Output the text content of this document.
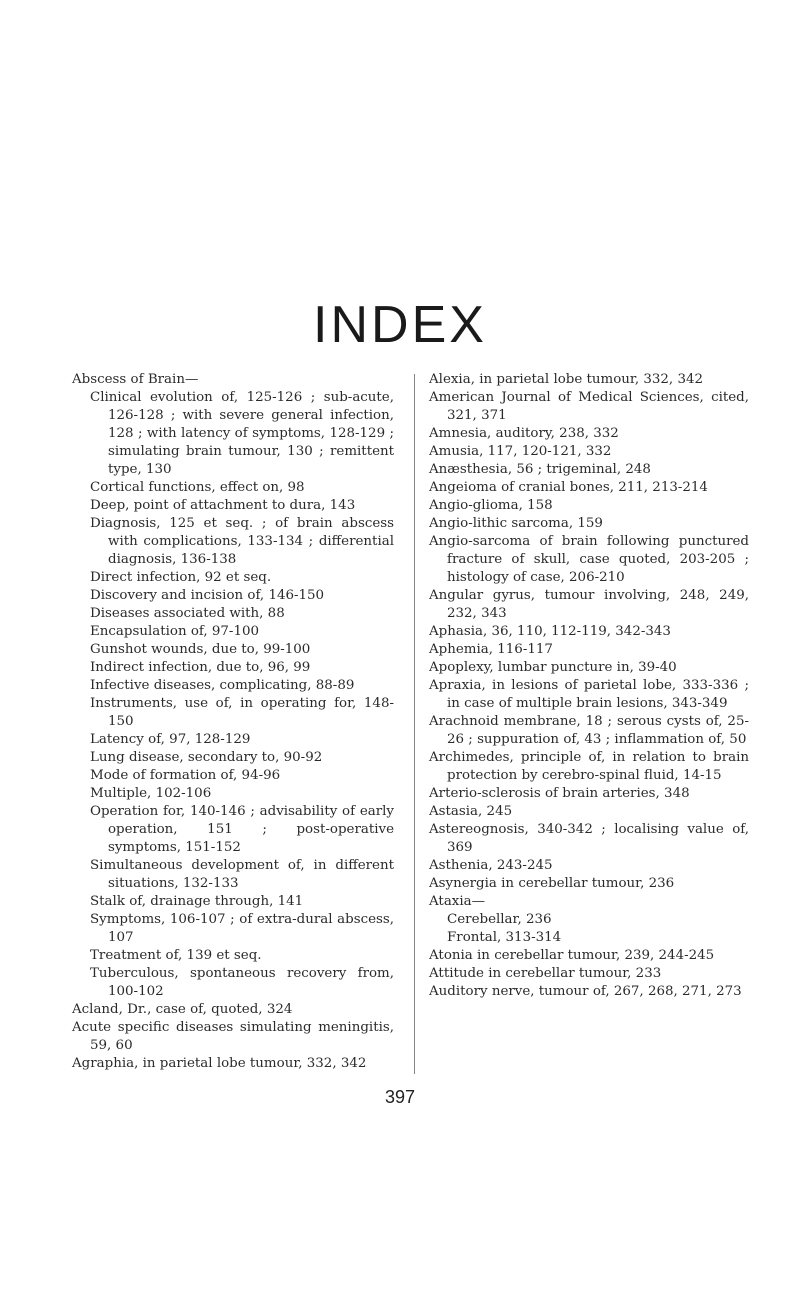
INDEX

Abscess of Brain—

Clinical evolution of, 125-126 ; sub-acute, 126-128 ; with severe general infection, 128 ; with latency of symptoms, 128-129 ; simulating brain tumour, 130 ; remittent type, 130

Cortical functions, effect on, 98

Deep, point of attachment to dura, 143

Diagnosis, 125 et seq. ; of brain abscess with complications, 133-134 ; differential diagnosis, 136-138

Direct infection, 92 et seq.

Discovery and incision of, 146-150

Diseases associated with, 88

Encapsulation of, 97-100

Gunshot wounds, due to, 99-100

Indirect infection, due to, 96, 99

Infective diseases, complicating, 88-89

Instruments, use of, in operating for, 148-150

Latency of, 97, 128-129

Lung disease, secondary to, 90-92

Mode of formation of, 94-96

Multiple, 102-106

Operation for, 140-146 ; advisability of early operation, 151 ; post-operative symptoms, 151-152

Simultaneous development of, in different situations, 132-133

Stalk of, drainage through, 141

Symptoms, 106-107 ; of extra-dural abscess, 107

Treatment of, 139 et seq.

Tuberculous, spontaneous recovery from, 100-102

Acland, Dr., case of, quoted, 324

Acute specific diseases simulating meningitis, 59, 60

Agraphia, in parietal lobe tumour, 332, 342

Alexia, in parietal lobe tumour, 332, 342

American Journal of Medical Sciences, cited, 321, 371

Amnesia, auditory, 238, 332

Amusia, 117, 120-121, 332

Anæsthesia, 56 ; trigeminal, 248

Angeioma of cranial bones, 211, 213-214

Angio-glioma, 158

Angio-lithic sarcoma, 159

Angio-sarcoma of brain following punctured fracture of skull, case quoted, 203-205 ; histology of case, 206-210

Angular gyrus, tumour involving, 248, 249, 232, 343

Aphasia, 36, 110, 112-119, 342-343

Aphemia, 116-117

Apoplexy, lumbar puncture in, 39-40

Apraxia, in lesions of parietal lobe, 333-336 ; in case of multiple brain lesions, 343-349

Arachnoid membrane, 18 ; serous cysts of, 25-26 ; suppuration of, 43 ; inflammation of, 50

Archimedes, principle of, in relation to brain protection by cerebro-spinal fluid, 14-15

Arterio-sclerosis of brain arteries, 348

Astasia, 245

Astereognosis, 340-342 ; localising value of, 369

Asthenia, 243-245

Asynergia in cerebellar tumour, 236

Ataxia—

Cerebellar, 236

Frontal, 313-314

Atonia in cerebellar tumour, 239, 244-245

Attitude in cerebellar tumour, 233

Auditory nerve, tumour of, 267, 268, 271, 273

397
